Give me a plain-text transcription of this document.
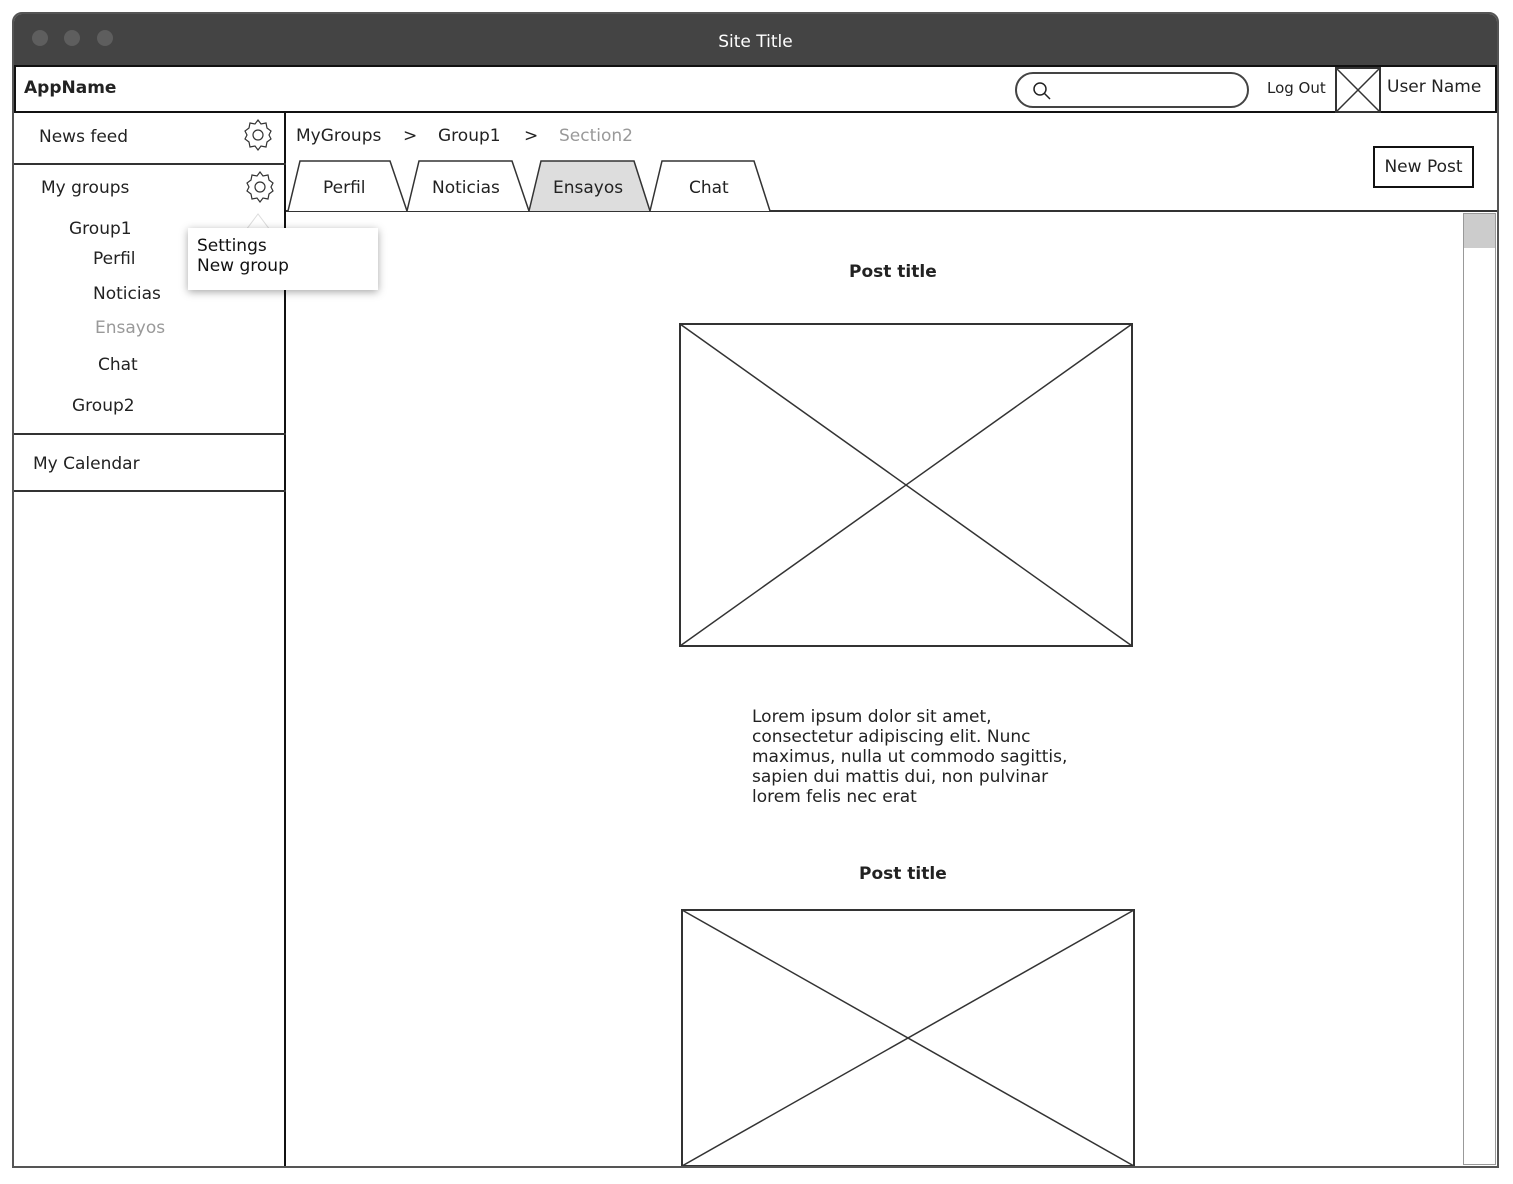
Site Title
AppName	Log Out	User Name
News feed
My groups
Group1
Perfil
Noticias
Ensayos
Chat
Group2
My Calendar
MyGroups > Group1 > Section2
Perfil	Noticias	Ensayos	Chat
New Post
Post title
Lorem ipsum dolor sit amet, consectetur adipiscing elit. Nunc maximus, nulla ut commodo sagittis, sapien dui mattis dui, non pulvinar lorem felis nec erat
Post title
Settings
New group
